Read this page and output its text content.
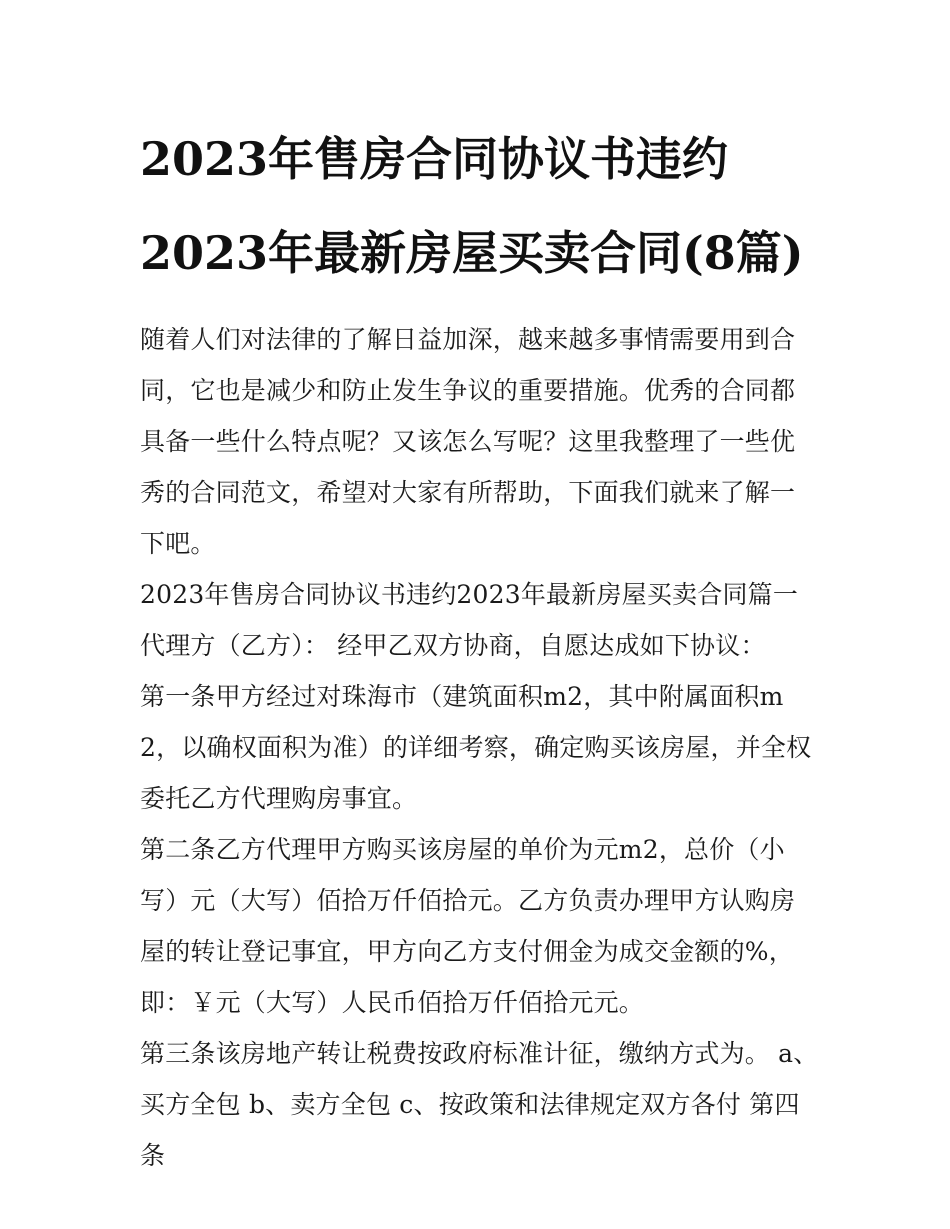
2023年售房合同协议书违约2023年最新房屋买卖合同(8篇)

随着人们对法律的了解日益加深，越来越多事情需要用到合同，它也是减少和防止发生争议的重要措施。优秀的合同都具备一些什么特点呢？又该怎么写呢？这里我整理了一些优秀的合同范文，希望对大家有所帮助，下面我们就来了解一下吧。

2023年售房合同协议书违约2023年最新房屋买卖合同篇一 代理方（乙方）： 经甲乙双方协商，自愿达成如下协议：

第一条甲方经过对珠海市（建筑面积m2，其中附属面积m2，以确权面积为准）的详细考察，确定购买该房屋，并全权委托乙方代理购房事宜。

第二条乙方代理甲方购买该房屋的单价为元m2，总价（小写）元（大写）佰拾万仟佰拾元。乙方负责办理甲方认购房屋的转让登记事宜，甲方向乙方支付佣金为成交金额的%，即：￥元（大写）人民币佰拾万仟佰拾元元。

第三条该房地产转让税费按政府标准计征，缴纳方式为。 a、买方全包 b、卖方全包 c、按政策和法律规定双方各付 第四条
